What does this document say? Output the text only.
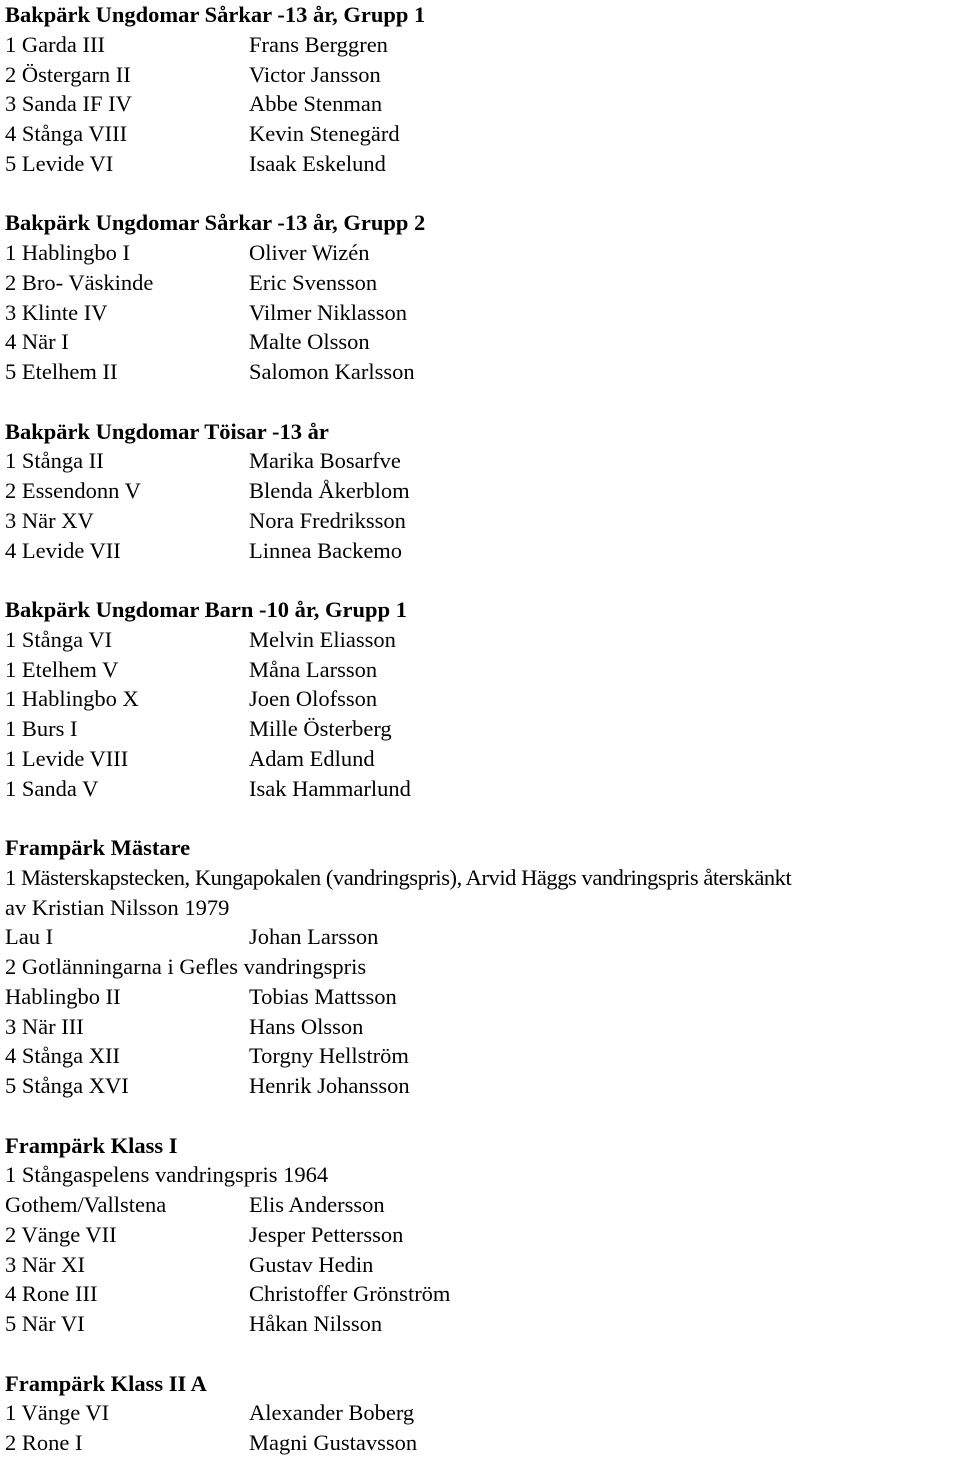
Bakpärk Ungdomar Sårkar -13 år, Grupp 1
1 Garda III	Frans Berggren
2 Östergarn II	Victor Jansson
3 Sanda IF IV	Abbe Stenman
4 Stånga VIII	Kevin Stenegärd
5 Levide VI	Isaak Eskelund
Bakpärk Ungdomar Sårkar -13 år, Grupp 2
1 Hablingbo I	Oliver Wizén
2 Bro- Väskinde	Eric Svensson
3 Klinte IV	Vilmer Niklasson
4 När I	Malte Olsson
5 Etelhem II	Salomon Karlsson
Bakpärk Ungdomar Töisar -13 år
1 Stånga II	Marika Bosarfve
2 Essendonn V	Blenda Åkerblom
3 När XV	Nora Fredriksson
4 Levide VII	Linnea Backemo
Bakpärk Ungdomar Barn -10 år, Grupp 1
1 Stånga VI	Melvin Eliasson
1 Etelhem V	Måna Larsson
1 Hablingbo X	Joen Olofsson
1 Burs I	Mille Österberg
1 Levide VIII	Adam Edlund
1 Sanda V	Isak Hammarlund
Frampärk Mästare
1 Mästerskapstecken, Kungapokalen (vandringspris), Arvid Häggs vandringspris återskänkt
av Kristian Nilsson 1979
Lau I	Johan Larsson
2 Gotlänningarna i Gefles vandringspris
Hablingbo II	Tobias Mattsson
3 När III	Hans Olsson
4 Stånga XII	Torgny Hellström
5 Stånga XVI	Henrik Johansson
Frampärk Klass I
1 Stångaspelens vandringspris 1964
Gothem/Vallstena	Elis Andersson
2 Vänge VII	Jesper Pettersson
3 När XI	Gustav Hedin
4 Rone III	Christoffer Grönström
5 När VI	Håkan Nilsson
Frampärk Klass II A
1 Vänge VI	Alexander Boberg
2 Rone I	Magni Gustavsson
